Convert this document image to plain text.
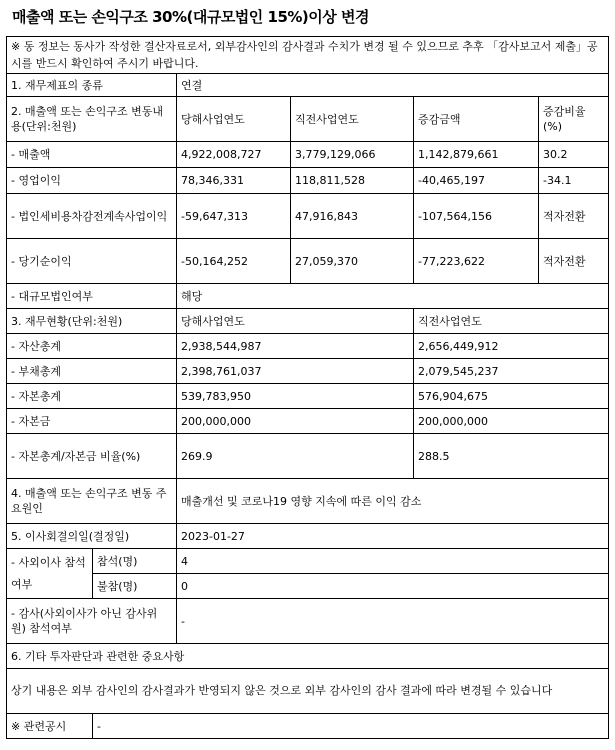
매출액 또는 손익구조 30%(대규모법인 15%)이상 변경
※ 동 정보는 동사가 작성한 결산자료로서, 외부감사인의 감사결과 수치가 변경 될 수 있으므로 추후 「감사보고서 제출」공시를 반드시 확인하여 주시기 바랍니다.					
1. 재무제표의 종류		연결			
2. 매출액 또는 손익구조 변동내용(단위:천원)		당해사업연도	직전사업연도	증감금액	증감비율(%)
- 매출액		4,922,008,727	3,779,129,066	1,142,879,661	30.2
- 영업이익		78,346,331	118,811,528	-40,465,197	-34.1
- 법인세비용차감전계속사업이익		-59,647,313	47,916,843	-107,564,156	적자전환
- 당기순이익		-50,164,252	27,059,370	-77,223,622	적자전환
- 대규모법인여부		해당			
3. 재무현황(단위:천원)		당해사업연도		직전사업연도	
- 자산총계		2,938,544,987		2,656,449,912	
- 부채총계		2,398,761,037		2,079,545,237	
- 자본총계		539,783,950		576,904,675	
- 자본금		200,000,000		200,000,000	
- 자본총계/자본금 비율(%)		269.9		288.5	
4. 매출액 또는 손익구조 변동 주요원인		매출개선 및 코로나19 영향 지속에 따른 이익 감소			
5. 이사회결의일(결정일)		2023-01-27			
- 사외이사 참석여부	참석(명)	4			
	불참(명)	0			
- 감사(사외이사가 아닌 감사위원) 참석여부		-			
6. 기타 투자판단과 관련한 중요사항					
상기 내용은 외부 감사인의 감사결과가 반영되지 않은 것으로 외부 감사인의 감사 결과에 따라 변경될 수 있습니다					
※ 관련공시	-				
